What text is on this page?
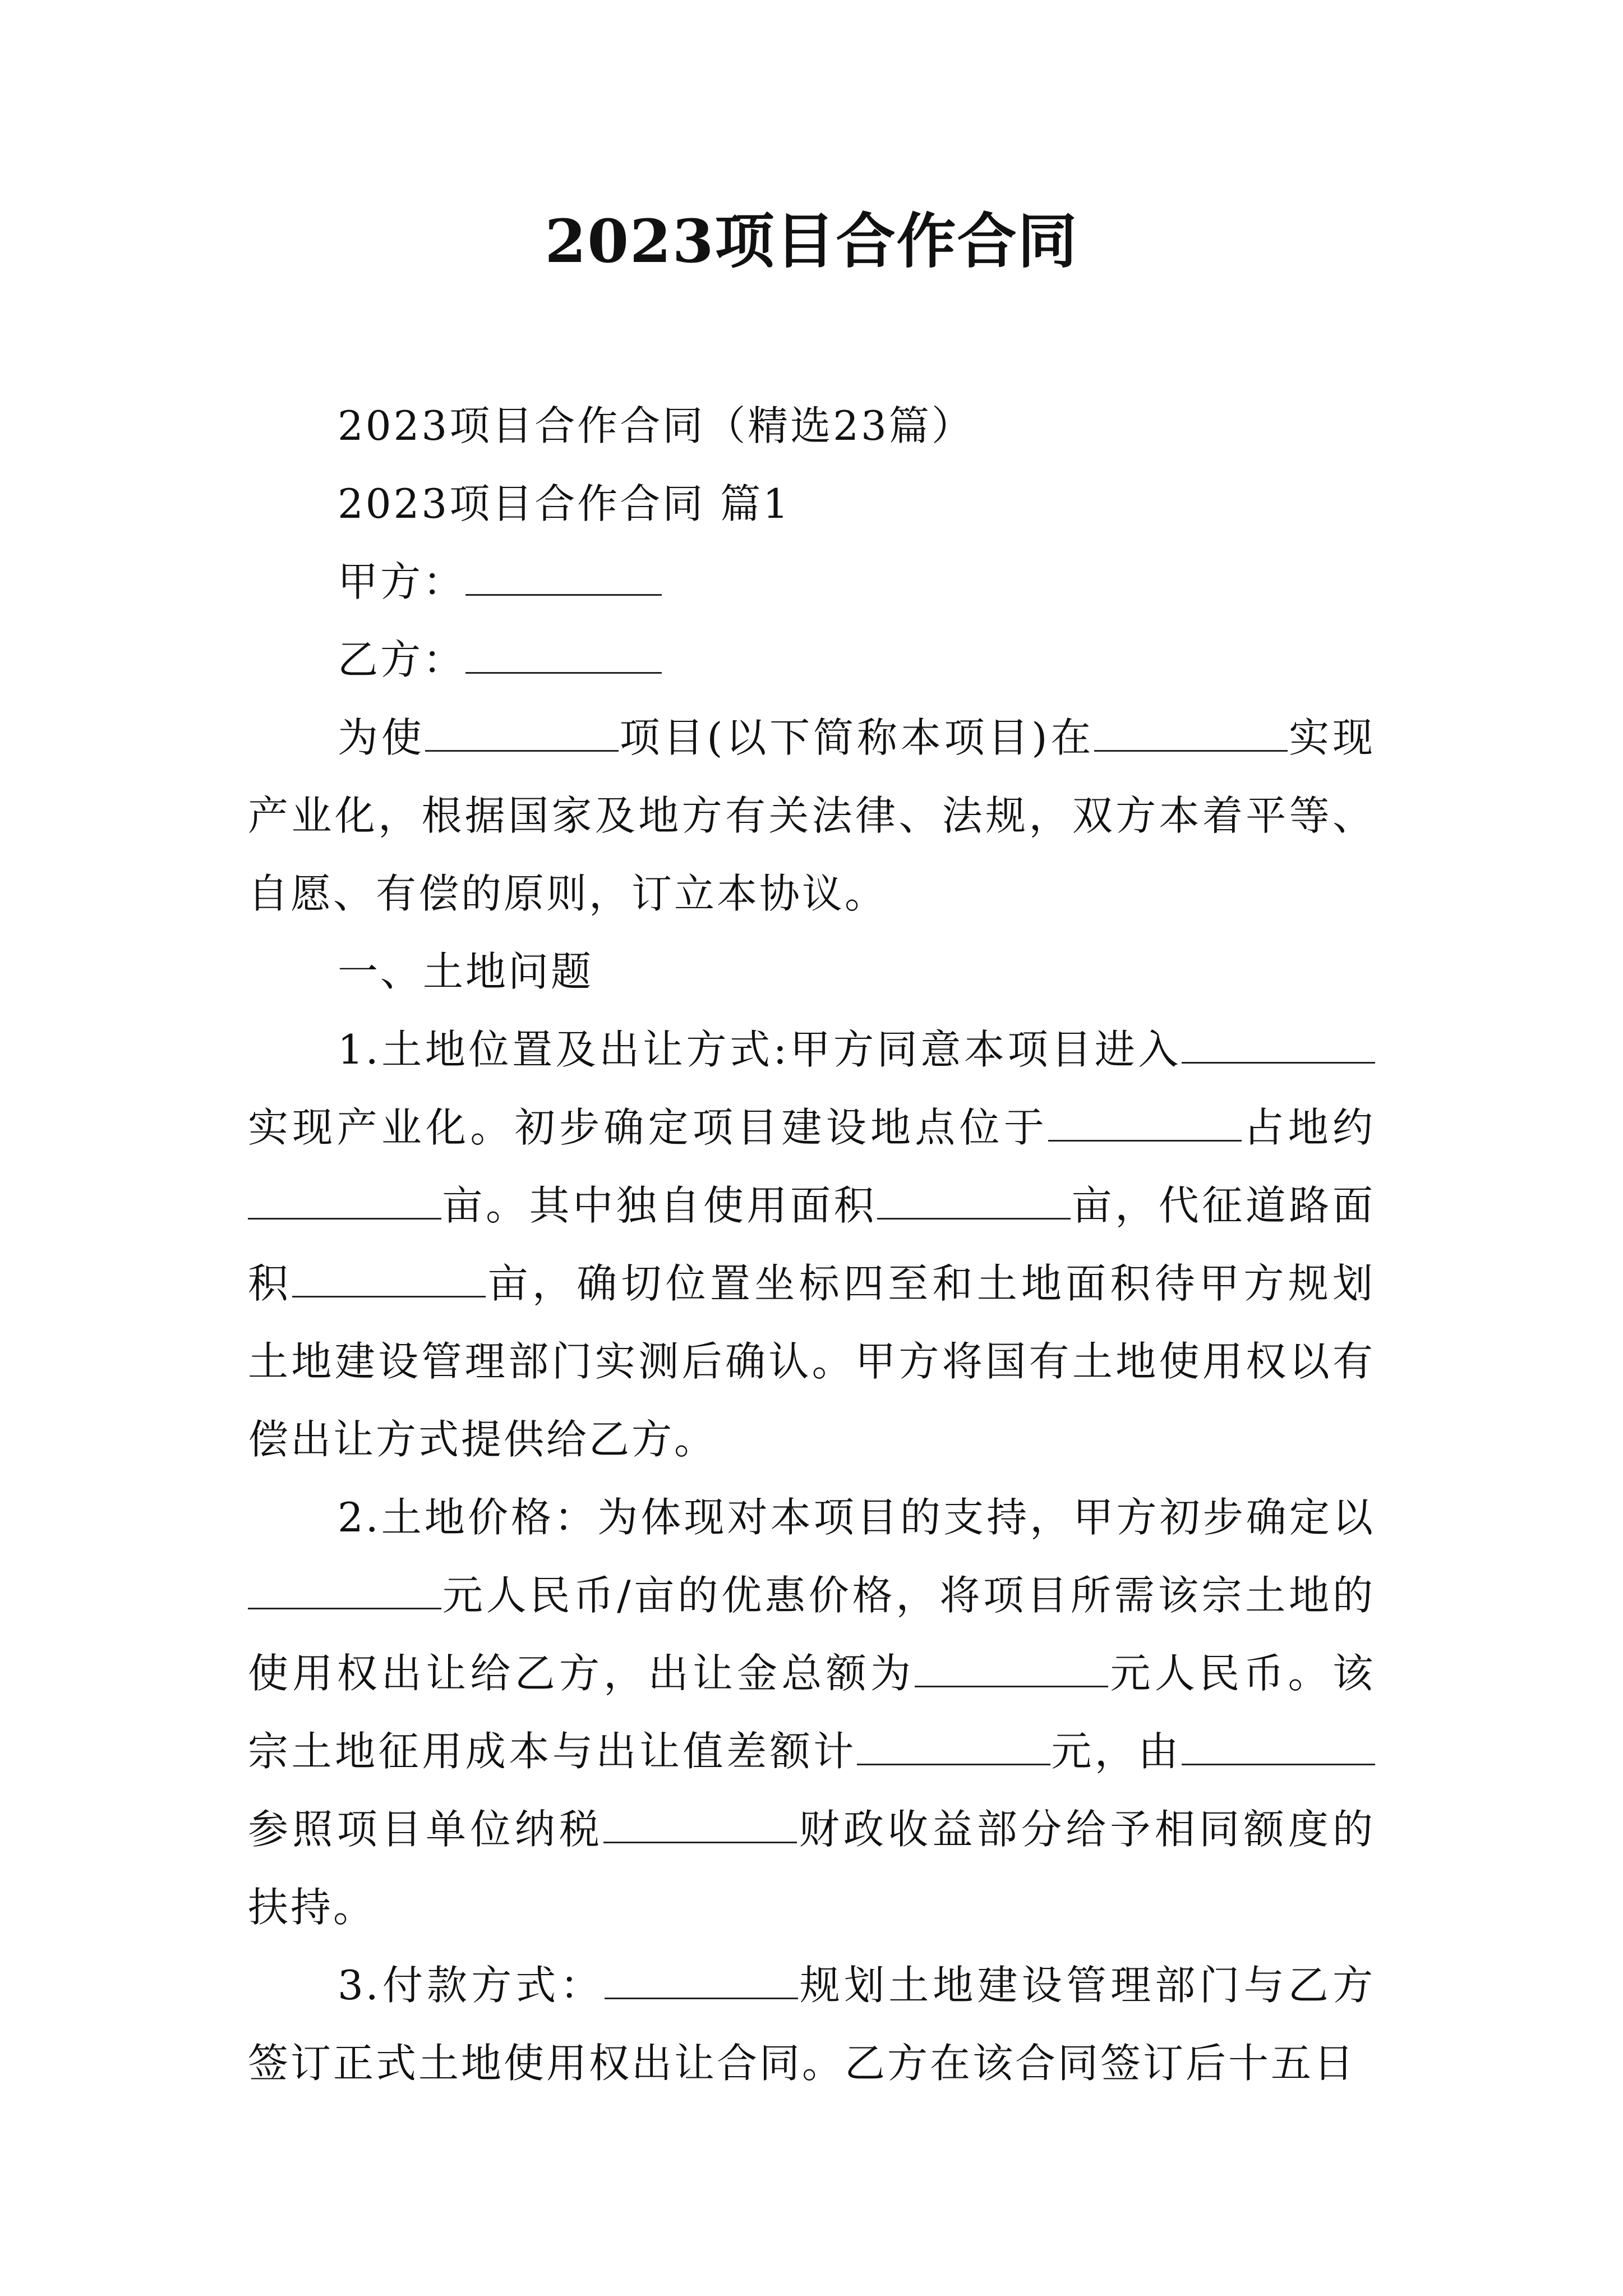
2023项目合作合同

2023项目合作合同（精选23篇）

2023项目合作合同 篇1

甲方：

乙方：

为使	项目(以下简称本项目)在	实现产业化，根据国家及地方有关法律、法规，双方本着平等、自愿、有偿的原则，订立本协议。

一、土地问题

1.土地位置及出让方式:甲方同意本项目进入实现产业化。初步确定项目建设地点位于	占地约亩。其中独自使用面积	亩，代征道路面积	亩，确切位置坐标四至和土地面积待甲方规划土地建设管理部门实测后确认。甲方将国有土地使用权以有偿出让方式提供给乙方。

2.土地价格：为体现对本项目的支持，甲方初步确定以元人民币/亩的优惠价格，将项目所需该宗土地的使用权出让给乙方，出让金总额为	元人民币。该宗土地征用成本与出让值差额计	元，由参照项目单位纳税	财政收益部分给予相同额度的扶持。

3.付款方式：	规划土地建设管理部门与乙方签订正式土地使用权出让合同。乙方在该合同签订后十五日
